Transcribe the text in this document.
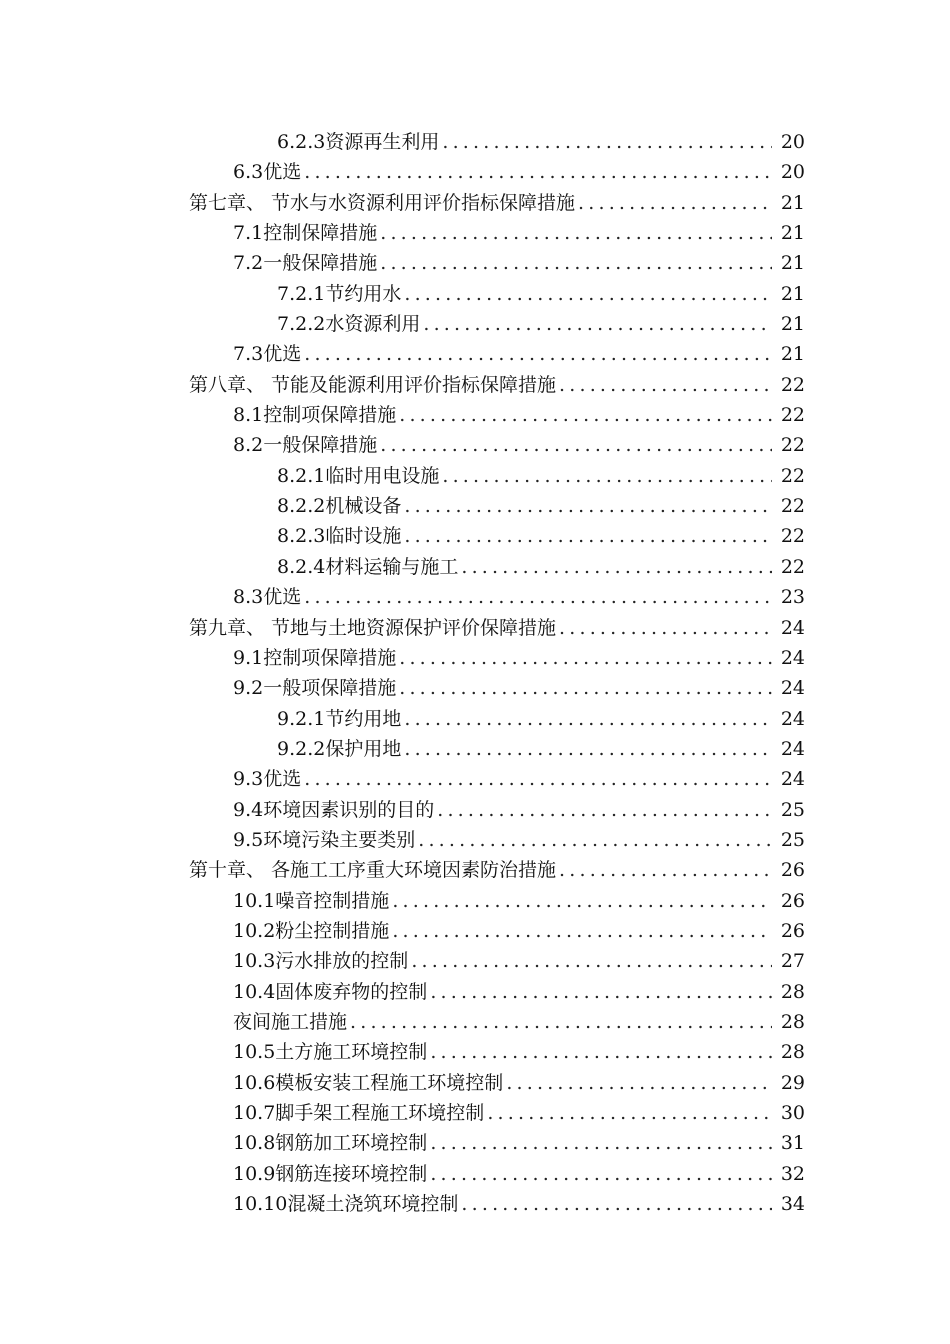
6.2.3资源再生利用 .....	20
6.3优选 .....	20
第七章、 节水与水资源利用评价指标保障措施 .....	21
7.1控制保障措施 .....	21
7.2一般保障措施 .....	21
7.2.1节约用水 .....	21
7.2.2水资源利用 .....	21
7.3优选 .....	21
第八章、 节能及能源利用评价指标保障措施 .....	22
8.1控制项保障措施 .....	22
8.2一般保障措施 .....	22
8.2.1临时用电设施 .....	22
8.2.2机械设备 .....	22
8.2.3临时设施 .....	22
8.2.4材料运输与施工 .....	22
8.3优选 .....	23
第九章、 节地与土地资源保护评价保障措施 .....	24
9.1控制项保障措施 .....	24
9.2一般项保障措施 .....	24
9.2.1节约用地 .....	24
9.2.2保护用地 .....	24
9.3优选 .....	24
9.4环境因素识别的目的 .....	25
9.5环境污染主要类别 .....	25
第十章、 各施工工序重大环境因素防治措施 .....	26
10.1噪音控制措施 .....	26
10.2粉尘控制措施 .....	26
10.3污水排放的控制 .....	27
10.4固体废弃物的控制 .....	28
夜间施工措施 .....	28
10.5土方施工环境控制 .....	28
10.6模板安装工程施工环境控制 .....	29
10.7脚手架工程施工环境控制 .....	30
10.8钢筋加工环境控制 .....	31
10.9钢筋连接环境控制 .....	32
10.10混凝土浇筑环境控制 .....	34
